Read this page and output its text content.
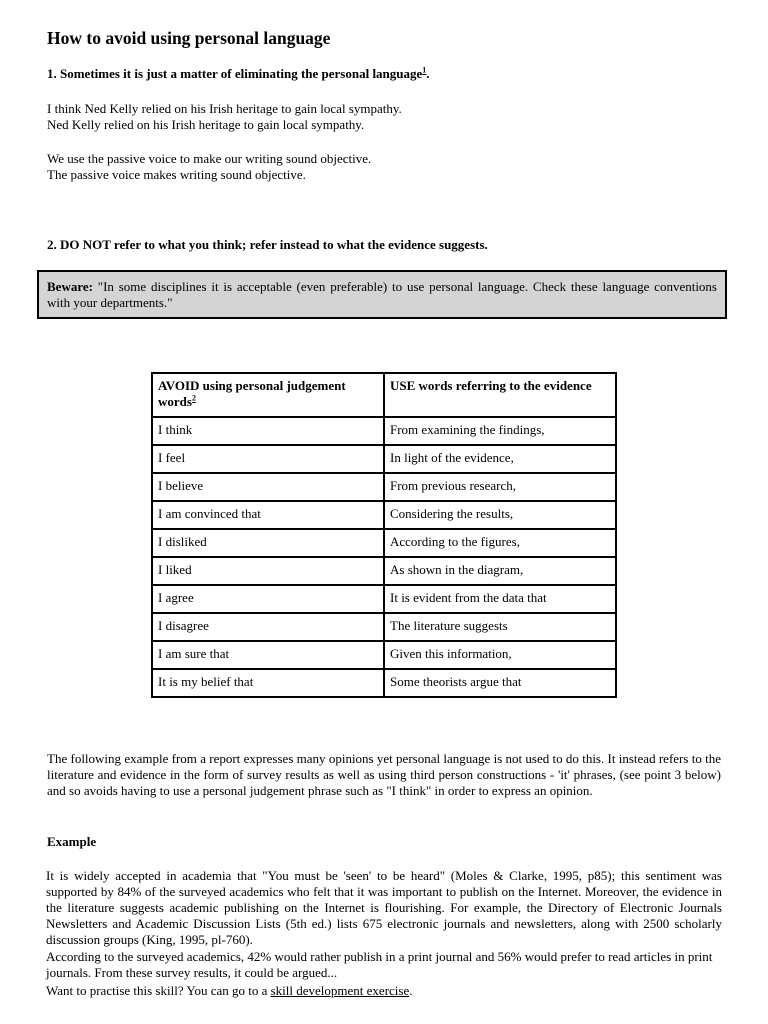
How to avoid using personal language
1. Sometimes it is just a matter of eliminating the personal language$^1$.
I think Ned Kelly relied on his Irish heritage to gain local sympathy.
Ned Kelly relied on his Irish heritage to gain local sympathy.
We use the passive voice to make our writing sound objective.
The passive voice makes writing sound objective.
2. DO NOT refer to what you think; refer instead to what the evidence suggests.
Beware: "In some disciplines it is acceptable (even preferable) to use personal language. Check these language conventions with your departments."
AVOID using personal judgement words$^2$	USE words referring to the evidence
I think	From examining the findings,
I feel	In light of the evidence,
I believe	From previous research,
I am convinced that	Considering the results,
I disliked	According to the figures,
I liked	As shown in the diagram,
I agree	It is evident from the data that
I disagree	The literature suggests
I am sure that	Given this information,
It is my belief that	Some theorists argue that
The following example from a report expresses many opinions yet personal language is not used to do this. It instead refers to the literature and evidence in the form of survey results as well as using third person constructions - 'it' phrases, (see point 3 below) and so avoids having to use a personal judgement phrase such as "I think" in order to express an opinion.
Example
It is widely accepted in academia that "You must be 'seen' to be heard" (Moles & Clarke, 1995, p85); this sentiment was supported by 84% of the surveyed academics who felt that it was important to publish on the Internet. Moreover, the evidence in the literature suggests academic publishing on the Internet is flourishing. For example, the Directory of Electronic Journals Newsletters and Academic Discussion Lists (5th ed.) lists 675 electronic journals and newsletters, along with 2500 scholarly discussion groups (King, 1995, pl-760).
According to the surveyed academics, 42% would rather publish in a print journal and 56% would prefer to read articles in print journals. From these survey results, it could be argued...
Want to practise this skill? You can go to a skill development exercise.
